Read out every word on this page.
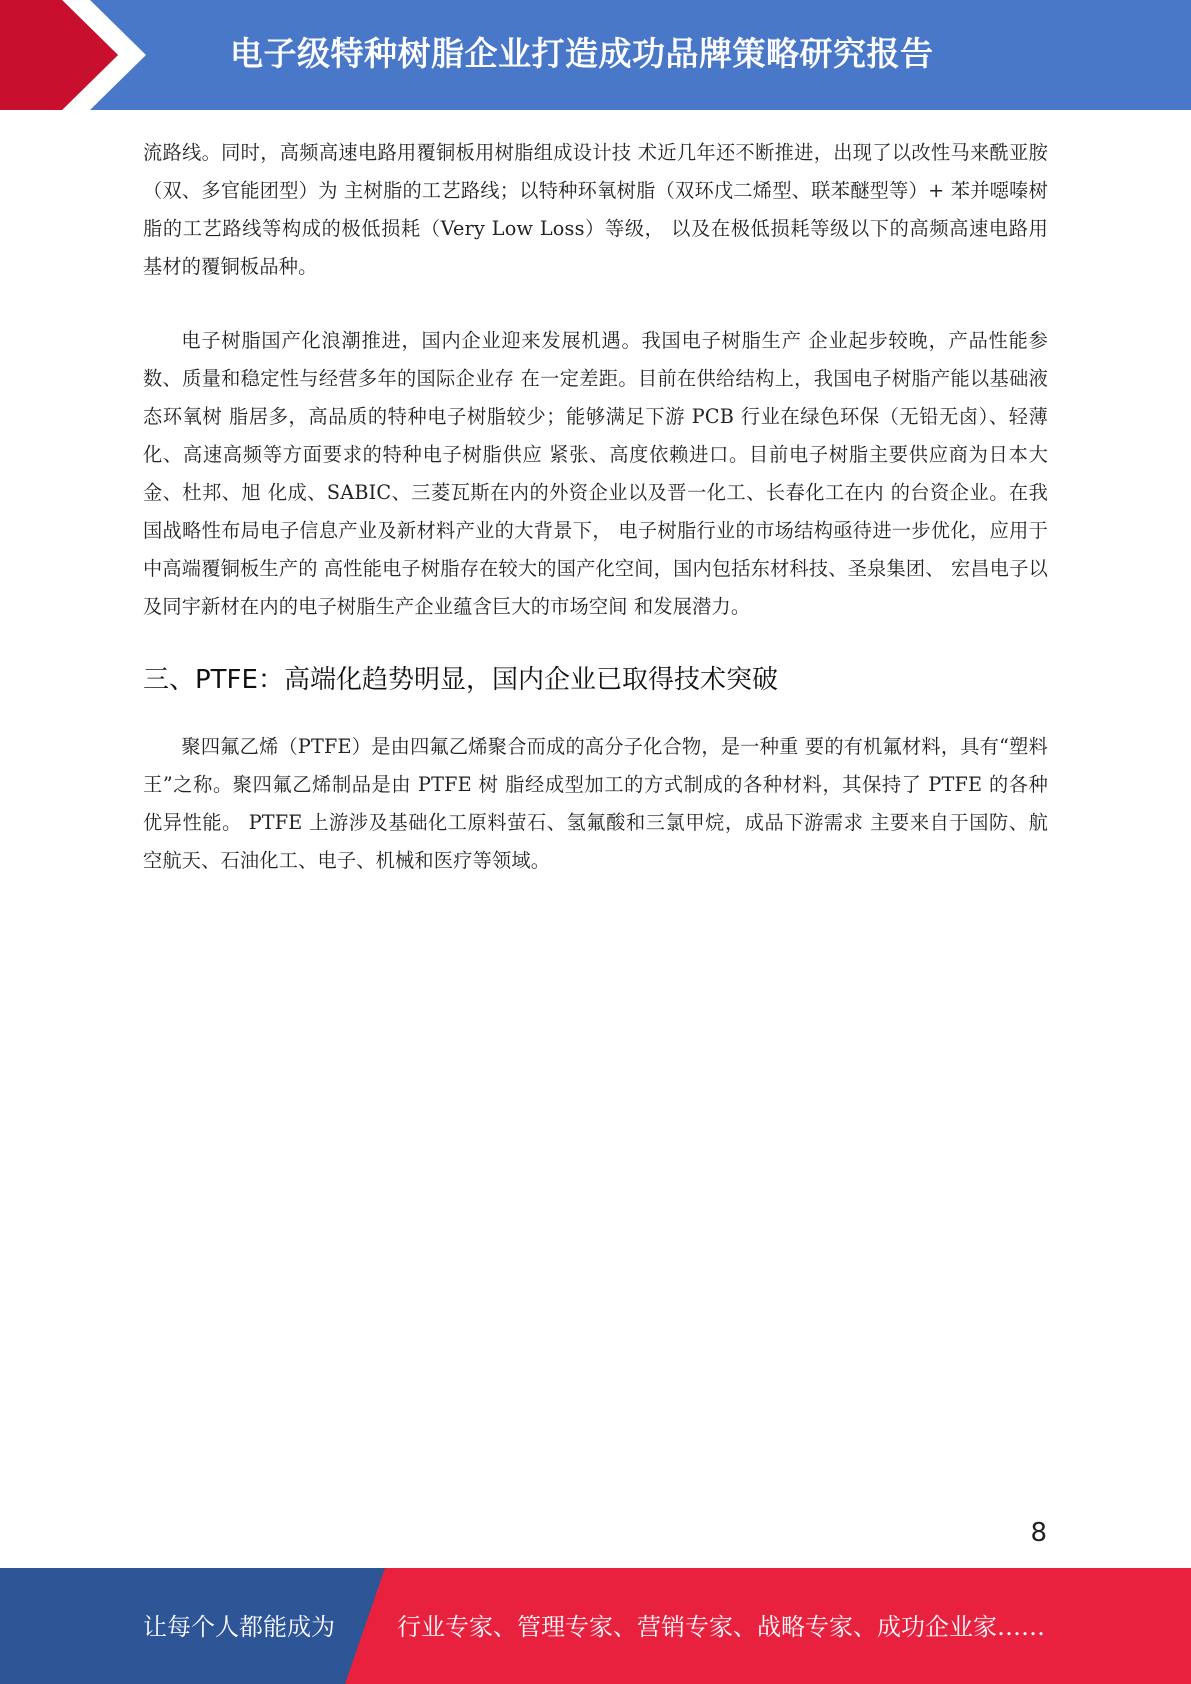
电子级特种树脂企业打造成功品牌策略研究报告

流路线。同时，高频高速电路用覆铜板用树脂组成设计技 术近几年还不断推进，出现了以改性马来酰亚胺（双、多官能团型）为 主树脂的工艺路线；以特种环氧树脂（双环戊二烯型、联苯醚型等）+ 苯并噁嗪树脂的工艺路线等构成的极低损耗（Very Low Loss）等级， 以及在极低损耗等级以下的高频高速电路用基材的覆铜板品种。

电子树脂国产化浪潮推进，国内企业迎来发展机遇。我国电子树脂生产 企业起步较晚，产品性能参数、质量和稳定性与经营多年的国际企业存 在一定差距。目前在供给结构上，我国电子树脂产能以基础液态环氧树 脂居多，高品质的特种电子树脂较少；能够满足下游 PCB 行业在绿色环保（无铅无卤）、轻薄化、高速高频等方面要求的特种电子树脂供应 紧张、高度依赖进口。目前电子树脂主要供应商为日本大金、杜邦、旭 化成、SABIC、三菱瓦斯在内的外资企业以及晋一化工、长春化工在内 的台资企业。在我国战略性布局电子信息产业及新材料产业的大背景下， 电子树脂行业的市场结构亟待进一步优化，应用于中高端覆铜板生产的 高性能电子树脂存在较大的国产化空间，国内包括东材科技、圣泉集团、 宏昌电子以及同宇新材在内的电子树脂生产企业蕴含巨大的市场空间 和发展潜力。

三、PTFE：高端化趋势明显，国内企业已取得技术突破

聚四氟乙烯（PTFE）是由四氟乙烯聚合而成的高分子化合物，是一种重 要的有机氟材料，具有“塑料王”之称。聚四氟乙烯制品是由 PTFE 树 脂经成型加工的方式制成的各种材料，其保持了 PTFE 的各种优异性能。 PTFE 上游涉及基础化工原料萤石、氢氟酸和三氯甲烷，成品下游需求 主要来自于国防、航空航天、石油化工、电子、机械和医疗等领域。

8
让每个人都能成为	行业专家、管理专家、营销专家、战略专家、成功企业家……
